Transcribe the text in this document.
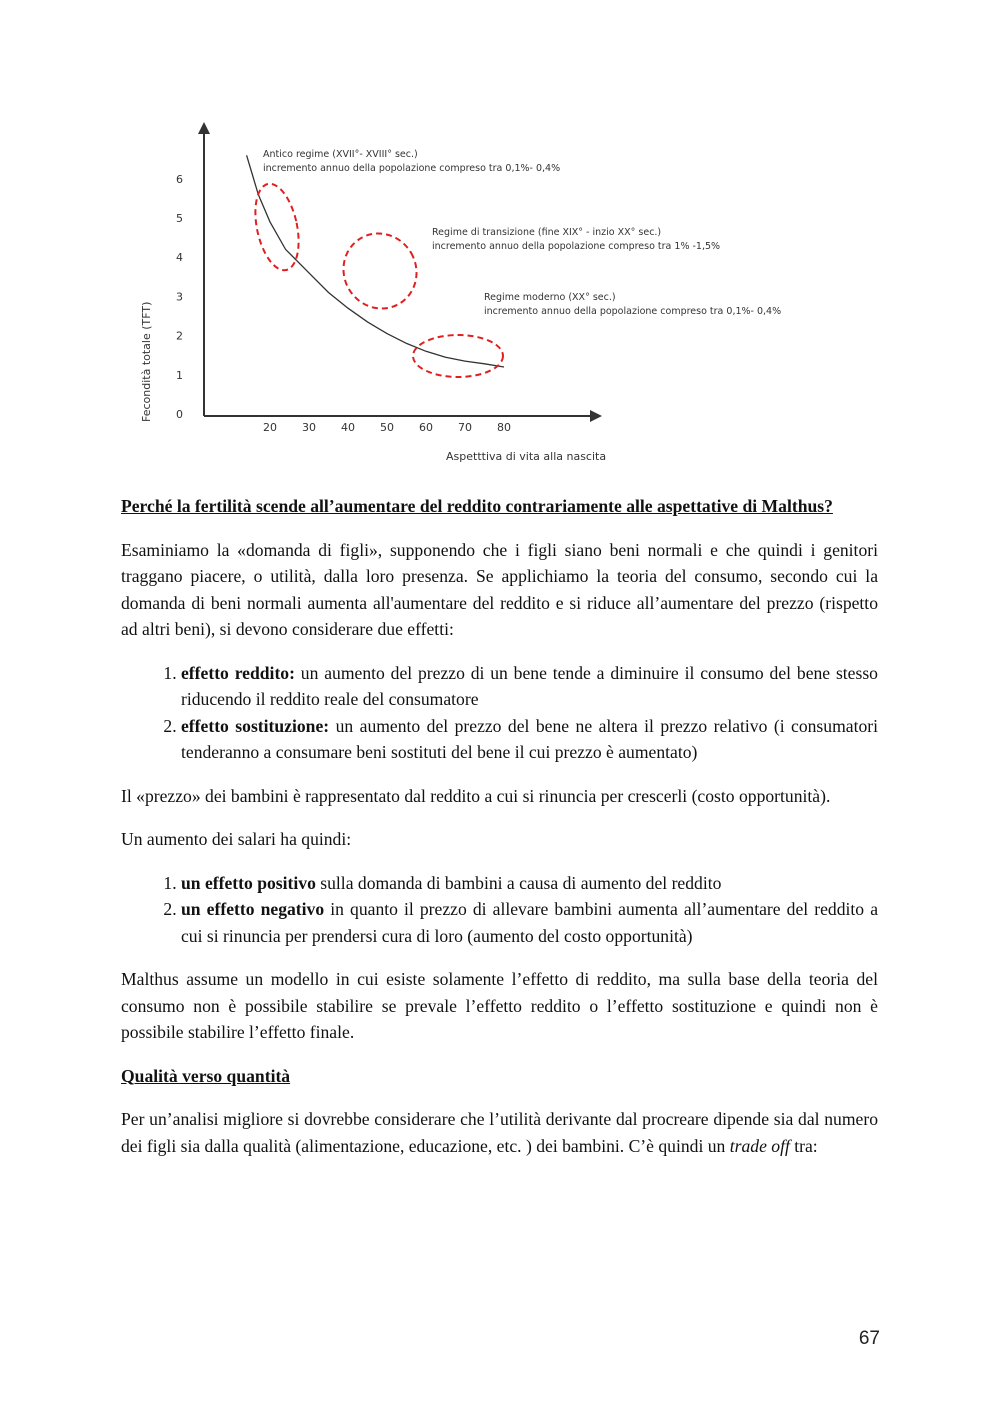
0
1
2
3
4
5
6
20 30 40 50 60 70 80
Fecondità totale (TFT)
Aspetttiva di vita alla nascita
Antico regime (XVII°- XVIII° sec.)
incremento annuo della popolazione compreso tra 0,1%- 0,4%
Regime di transizione (fine XIX° - inzio XX° sec.)
incremento annuo della popolazione compreso tra 1% -1,5%
Regime moderno (XX° sec.)
incremento annuo della popolazione compreso tra 0,1%- 0,4%

Perché la fertilità scende all’aumentare del reddito contrariamente alle aspettative di Malthus?

Esaminiamo la «domanda di figli», supponendo che i figli siano beni normali e che quindi i genitori traggano piacere, o utilità, dalla loro presenza. Se applichiamo la teoria del consumo, secondo cui la domanda di beni normali aumenta all'aumentare del reddito e si riduce all’aumentare del prezzo (rispetto ad altri beni), si devono considerare due effetti:

1. effetto reddito: un aumento del prezzo di un bene tende a diminuire il consumo del bene stesso riducendo il reddito reale del consumatore
2. effetto sostituzione: un aumento del prezzo del bene ne altera il prezzo relativo (i consumatori tenderanno a consumare beni sostituti del bene il cui prezzo è aumentato)

Il «prezzo» dei bambini è rappresentato dal reddito a cui si rinuncia per crescerli (costo opportunità).

Un aumento dei salari ha quindi:

1. un effetto positivo sulla domanda di bambini a causa di aumento del reddito
2. un effetto negativo in quanto il prezzo di allevare bambini aumenta all’aumentare del reddito a cui si rinuncia per prendersi cura di loro (aumento del costo opportunità)

Malthus assume un modello in cui esiste solamente l’effetto di reddito, ma sulla base della teoria del consumo non è possibile stabilire se prevale l’effetto reddito o l’effetto sostituzione e quindi non è possibile stabilire l’effetto finale.

Qualità verso quantità

Per un’analisi migliore si dovrebbe considerare che l’utilità derivante dal procreare dipende sia dal numero dei figli sia dalla qualità (alimentazione, educazione, etc. ) dei bambini. C’è quindi un trade off tra:

67
